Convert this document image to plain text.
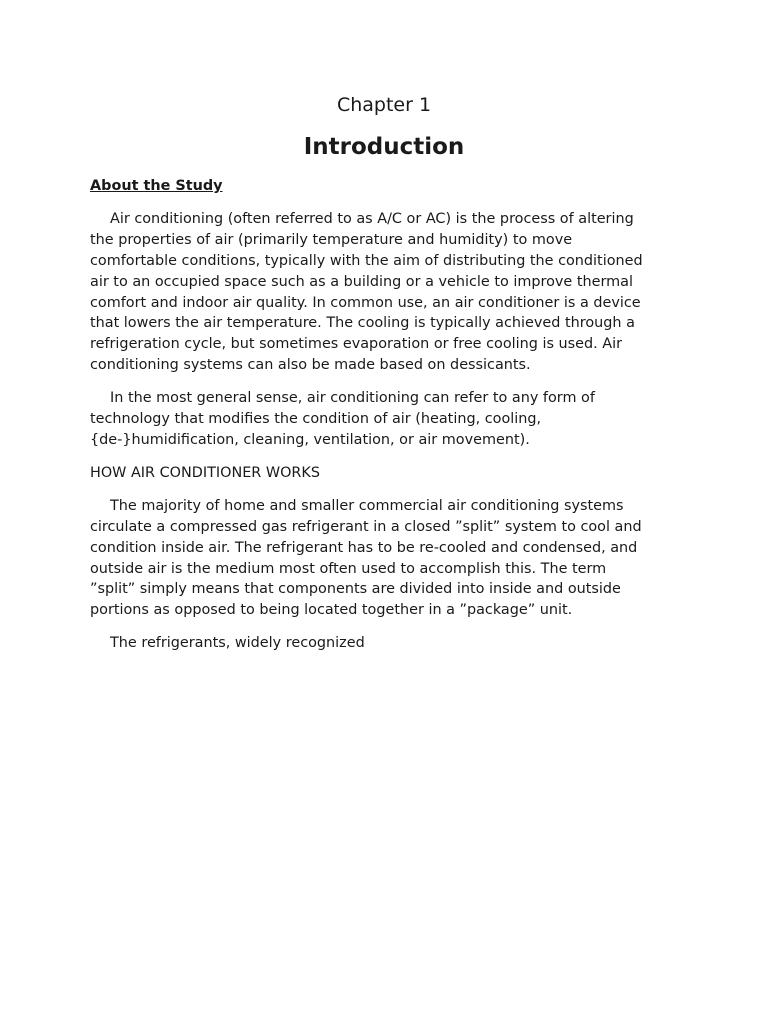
Chapter 1
Introduction

About the Study

Air conditioning (often referred to as A/C or AC) is the process of altering
the properties of air (primarily temperature and humidity) to move
comfortable conditions, typically with the aim of distributing the conditioned
air to an occupied space such as a building or a vehicle to improve thermal
comfort and indoor air quality. In common use, an air conditioner is a device
that lowers the air temperature. The cooling is typically achieved through a
refrigeration cycle, but sometimes evaporation or free cooling is used. Air
conditioning systems can also be made based on dessicants.

In the most general sense, air conditioning can refer to any form of
technology that modifies the condition of air (heating, cooling,
{de-}humidification, cleaning, ventilation, or air movement).

HOW AIR CONDITIONER WORKS

The majority of home and smaller commercial air conditioning systems
circulate a compressed gas refrigerant in a closed ”split” system to cool and
condition inside air. The refrigerant has to be re-cooled and condensed, and
outside air is the medium most often used to accomplish this. The term
”split” simply means that components are divided into inside and outside
portions as opposed to being located together in a ”package” unit.

The refrigerants, widely recognized
